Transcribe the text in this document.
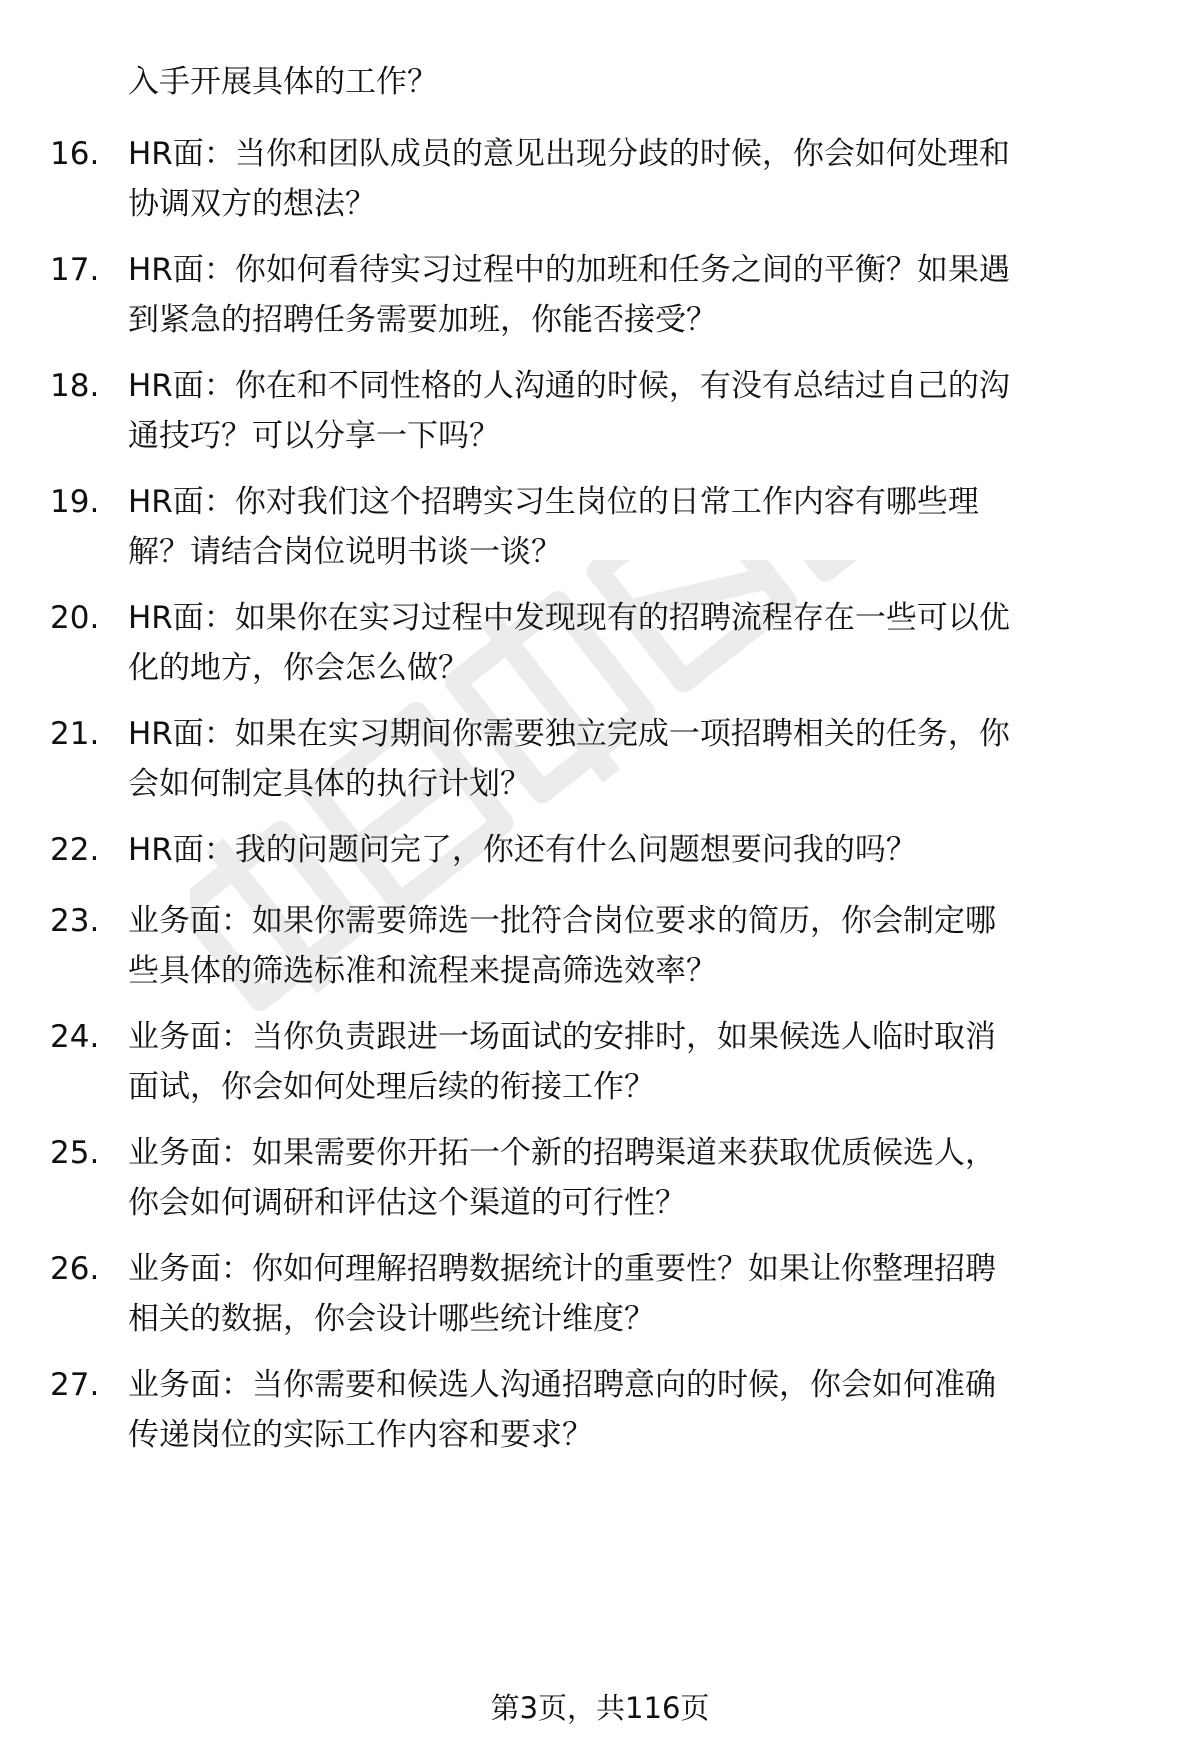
入手开展具体的工作？
16. HR面：当你和团队成员的意见出现分歧的时候，你会如何处理和
协调双方的想法？
17. HR面：你如何看待实习过程中的加班和任务之间的平衡？如果遇
到紧急的招聘任务需要加班，你能否接受？
18. HR面：你在和不同性格的人沟通的时候，有没有总结过自己的沟
通技巧？可以分享一下吗？
19. HR面：你对我们这个招聘实习生岗位的日常工作内容有哪些理
解？请结合岗位说明书谈一谈？
20. HR面：如果你在实习过程中发现现有的招聘流程存在一些可以优
化的地方，你会怎么做？
21. HR面：如果在实习期间你需要独立完成一项招聘相关的任务，你
会如何制定具体的执行计划？
22. HR面：我的问题问完了，你还有什么问题想要问我的吗？
23. 业务面：如果你需要筛选一批符合岗位要求的简历，你会制定哪
些具体的筛选标准和流程来提高筛选效率？
24. 业务面：当你负责跟进一场面试的安排时，如果候选人临时取消
面试，你会如何处理后续的衔接工作？
25. 业务面：如果需要你开拓一个新的招聘渠道来获取优质候选人，
你会如何调研和评估这个渠道的可行性？
26. 业务面：你如何理解招聘数据统计的重要性？如果让你整理招聘
相关的数据，你会设计哪些统计维度？
27. 业务面：当你需要和候选人沟通招聘意向的时候，你会如何准确
传递岗位的实际工作内容和要求？
第3页，共116页
